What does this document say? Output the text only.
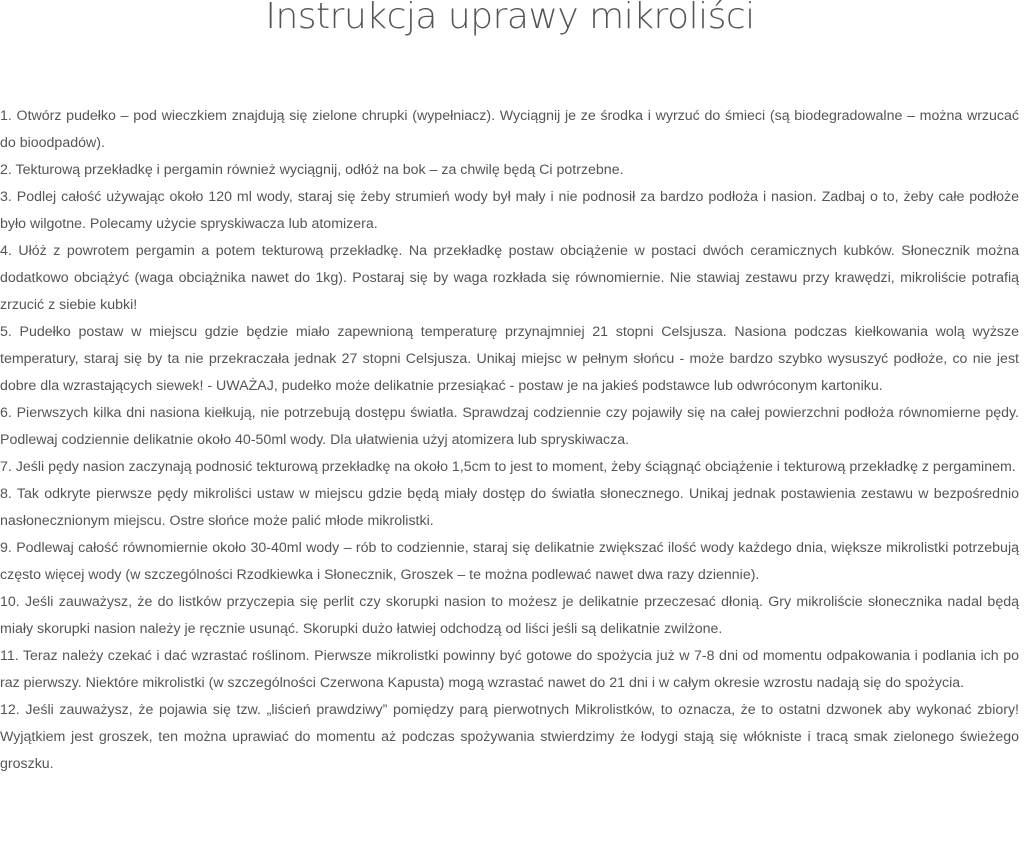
Instrukcja uprawy mikroliści

1. Otwórz pudełko – pod wieczkiem znajdują się zielone chrupki (wypełniacz). Wyciągnij je ze środka i wyrzuć do śmieci (są biodegradowalne – można wrzucać do bioodpadów).

2. Tekturową przekładkę i pergamin również wyciągnij, odłóż na bok – za chwilę będą Ci potrzebne.

3. Podlej całość używając około 120 ml wody, staraj się żeby strumień wody był mały i nie podnosił za bardzo podłoża i nasion. Zadbaj o to, żeby całe podłoże było wilgotne. Polecamy użycie spryskiwacza lub atomizera.

4. Ułóż z powrotem pergamin a potem tekturową przekładkę. Na przekładkę postaw obciążenie w postaci dwóch ceramicznych kubków. Słonecznik można dodatkowo obciążyć (waga obciążnika nawet do 1kg). Postaraj się by waga rozkłada się równomiernie. Nie stawiaj zestawu przy krawędzi, mikroliście potrafią zrzucić z siebie kubki!

5. Pudełko postaw w miejscu gdzie będzie miało zapewnioną temperaturę przynajmniej 21 stopni Celsjusza. Nasiona podczas kiełkowania wolą wyższe temperatury, staraj się by ta nie przekraczała jednak 27 stopni Celsjusza. Unikaj miejsc w pełnym słońcu - może bardzo szybko wysuszyć podłoże, co nie jest dobre dla wzrastających siewek! - UWAŻAJ, pudełko może delikatnie przesiąkać - postaw je na jakieś podstawce lub odwróconym kartoniku.

6. Pierwszych kilka dni nasiona kiełkują, nie potrzebują dostępu światła. Sprawdzaj codziennie czy pojawiły się na całej powierzchni podłoża równomierne pędy. Podlewaj codziennie delikatnie około 40-50ml wody. Dla ułatwienia użyj atomizera lub spryskiwacza.

7. Jeśli pędy nasion zaczynają podnosić tekturową przekładkę na około 1,5cm to jest to moment, żeby ściągnąć obciążenie i tekturową przekładkę z pergaminem.

8. Tak odkryte pierwsze pędy mikroliści ustaw w miejscu gdzie będą miały dostęp do światła słonecznego. Unikaj jednak postawienia zestawu w bezpośrednio nasłonecznionym miejscu. Ostre słońce może palić młode mikrolistki.

9. Podlewaj całość równomiernie około 30-40ml wody – rób to codziennie, staraj się delikatnie zwiększać ilość wody każdego dnia, większe mikrolistki potrzebują często więcej wody (w szczególności Rzodkiewka i Słonecznik, Groszek – te można podlewać nawet dwa razy dziennie).

10. Jeśli zauważysz, że do listków przyczepia się perlit czy skorupki nasion to możesz je delikatnie przeczesać dłonią. Gry mikroliście słonecznika nadal będą miały skorupki nasion należy je ręcznie usunąć. Skorupki dużo łatwiej odchodzą od liści jeśli są delikatnie zwilżone.

11. Teraz należy czekać i dać wzrastać roślinom. Pierwsze mikrolistki powinny być gotowe do spożycia już w 7-8 dni od momentu odpakowania i podlania ich po raz pierwszy. Niektóre mikrolistki (w szczególności Czerwona Kapusta) mogą wzrastać nawet do 21 dni i w całym okresie wzrostu nadają się do spożycia.

12. Jeśli zauważysz, że pojawia się tzw. „liścień prawdziwy” pomiędzy parą pierwotnych Mikrolistków, to oznacza, że to ostatni dzwonek aby wykonać zbiory! Wyjątkiem jest groszek, ten można uprawiać do momentu aż podczas spożywania stwierdzimy że łodygi stają się włókniste i tracą smak zielonego świeżego groszku.
